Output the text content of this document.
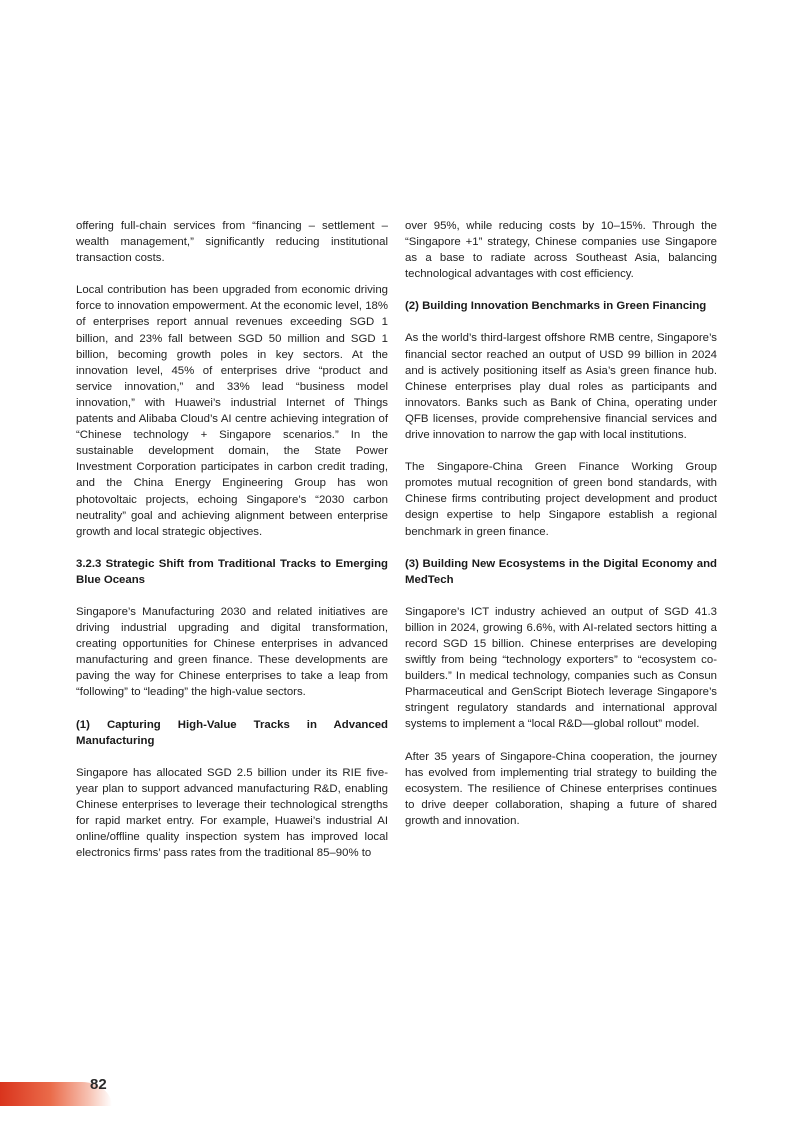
offering full-chain services from “financing – settlement – wealth management,” significantly reducing institutional transaction costs.

Local contribution has been upgraded from economic driving force to innovation empowerment. At the economic level, 18% of enterprises report annual revenues exceeding SGD 1 billion, and 23% fall between SGD 50 million and SGD 1 billion, becoming growth poles in key sectors. At the innovation level, 45% of enterprises drive “product and service innovation,” and 33% lead “business model innovation,” with Huawei’s industrial Internet of Things patents and Alibaba Cloud’s AI centre achieving integration of “Chinese technology + Singapore scenarios.” In the sustainable development domain, the State Power Investment Corporation participates in carbon credit trading, and the China Energy Engineering Group has won photovoltaic projects, echoing Singapore’s “2030 carbon neutrality” goal and achieving alignment between enterprise growth and local strategic objectives.

3.2.3 Strategic Shift from Traditional Tracks to Emerging Blue Oceans

Singapore’s Manufacturing 2030 and related initiatives are driving industrial upgrading and digital transformation, creating opportunities for Chinese enterprises in advanced manufacturing and green finance. These developments are paving the way for Chinese enterprises to take a leap from “following” to “leading” the high-value sectors.

(1) Capturing High-Value Tracks in Advanced Manufacturing

Singapore has allocated SGD 2.5 billion under its RIE five-year plan to support advanced manufacturing R&D, enabling Chinese enterprises to leverage their technological strengths for rapid market entry. For example, Huawei’s industrial AI online/offline quality inspection system has improved local electronics firms’ pass rates from the traditional 85–90% to

over 95%, while reducing costs by 10–15%. Through the “Singapore +1” strategy, Chinese companies use Singapore as a base to radiate across Southeast Asia, balancing technological advantages with cost efficiency.

(2) Building Innovation Benchmarks in Green Financing

As the world’s third-largest offshore RMB centre, Singapore’s financial sector reached an output of USD 99 billion in 2024 and is actively positioning itself as Asia’s green finance hub. Chinese enterprises play dual roles as participants and innovators. Banks such as Bank of China, operating under QFB licenses, provide comprehensive financial services and drive innovation to narrow the gap with local institutions.

The Singapore-China Green Finance Working Group promotes mutual recognition of green bond standards, with Chinese firms contributing project development and product design expertise to help Singapore establish a regional benchmark in green finance.

(3) Building New Ecosystems in the Digital Economy and MedTech

Singapore’s ICT industry achieved an output of SGD 41.3 billion in 2024, growing 6.6%, with AI-related sectors hitting a record SGD 15 billion. Chinese enterprises are developing swiftly from being “technology exporters” to “ecosystem co-builders.” In medical technology, companies such as Consun Pharmaceutical and GenScript Biotech leverage Singapore’s stringent regulatory standards and international approval systems to implement a “local R&D—global rollout” model.

After 35 years of Singapore-China cooperation, the journey has evolved from implementing trial strategy to building the ecosystem. The resilience of Chinese enterprises continues to drive deeper collaboration, shaping a future of shared growth and innovation.

82
